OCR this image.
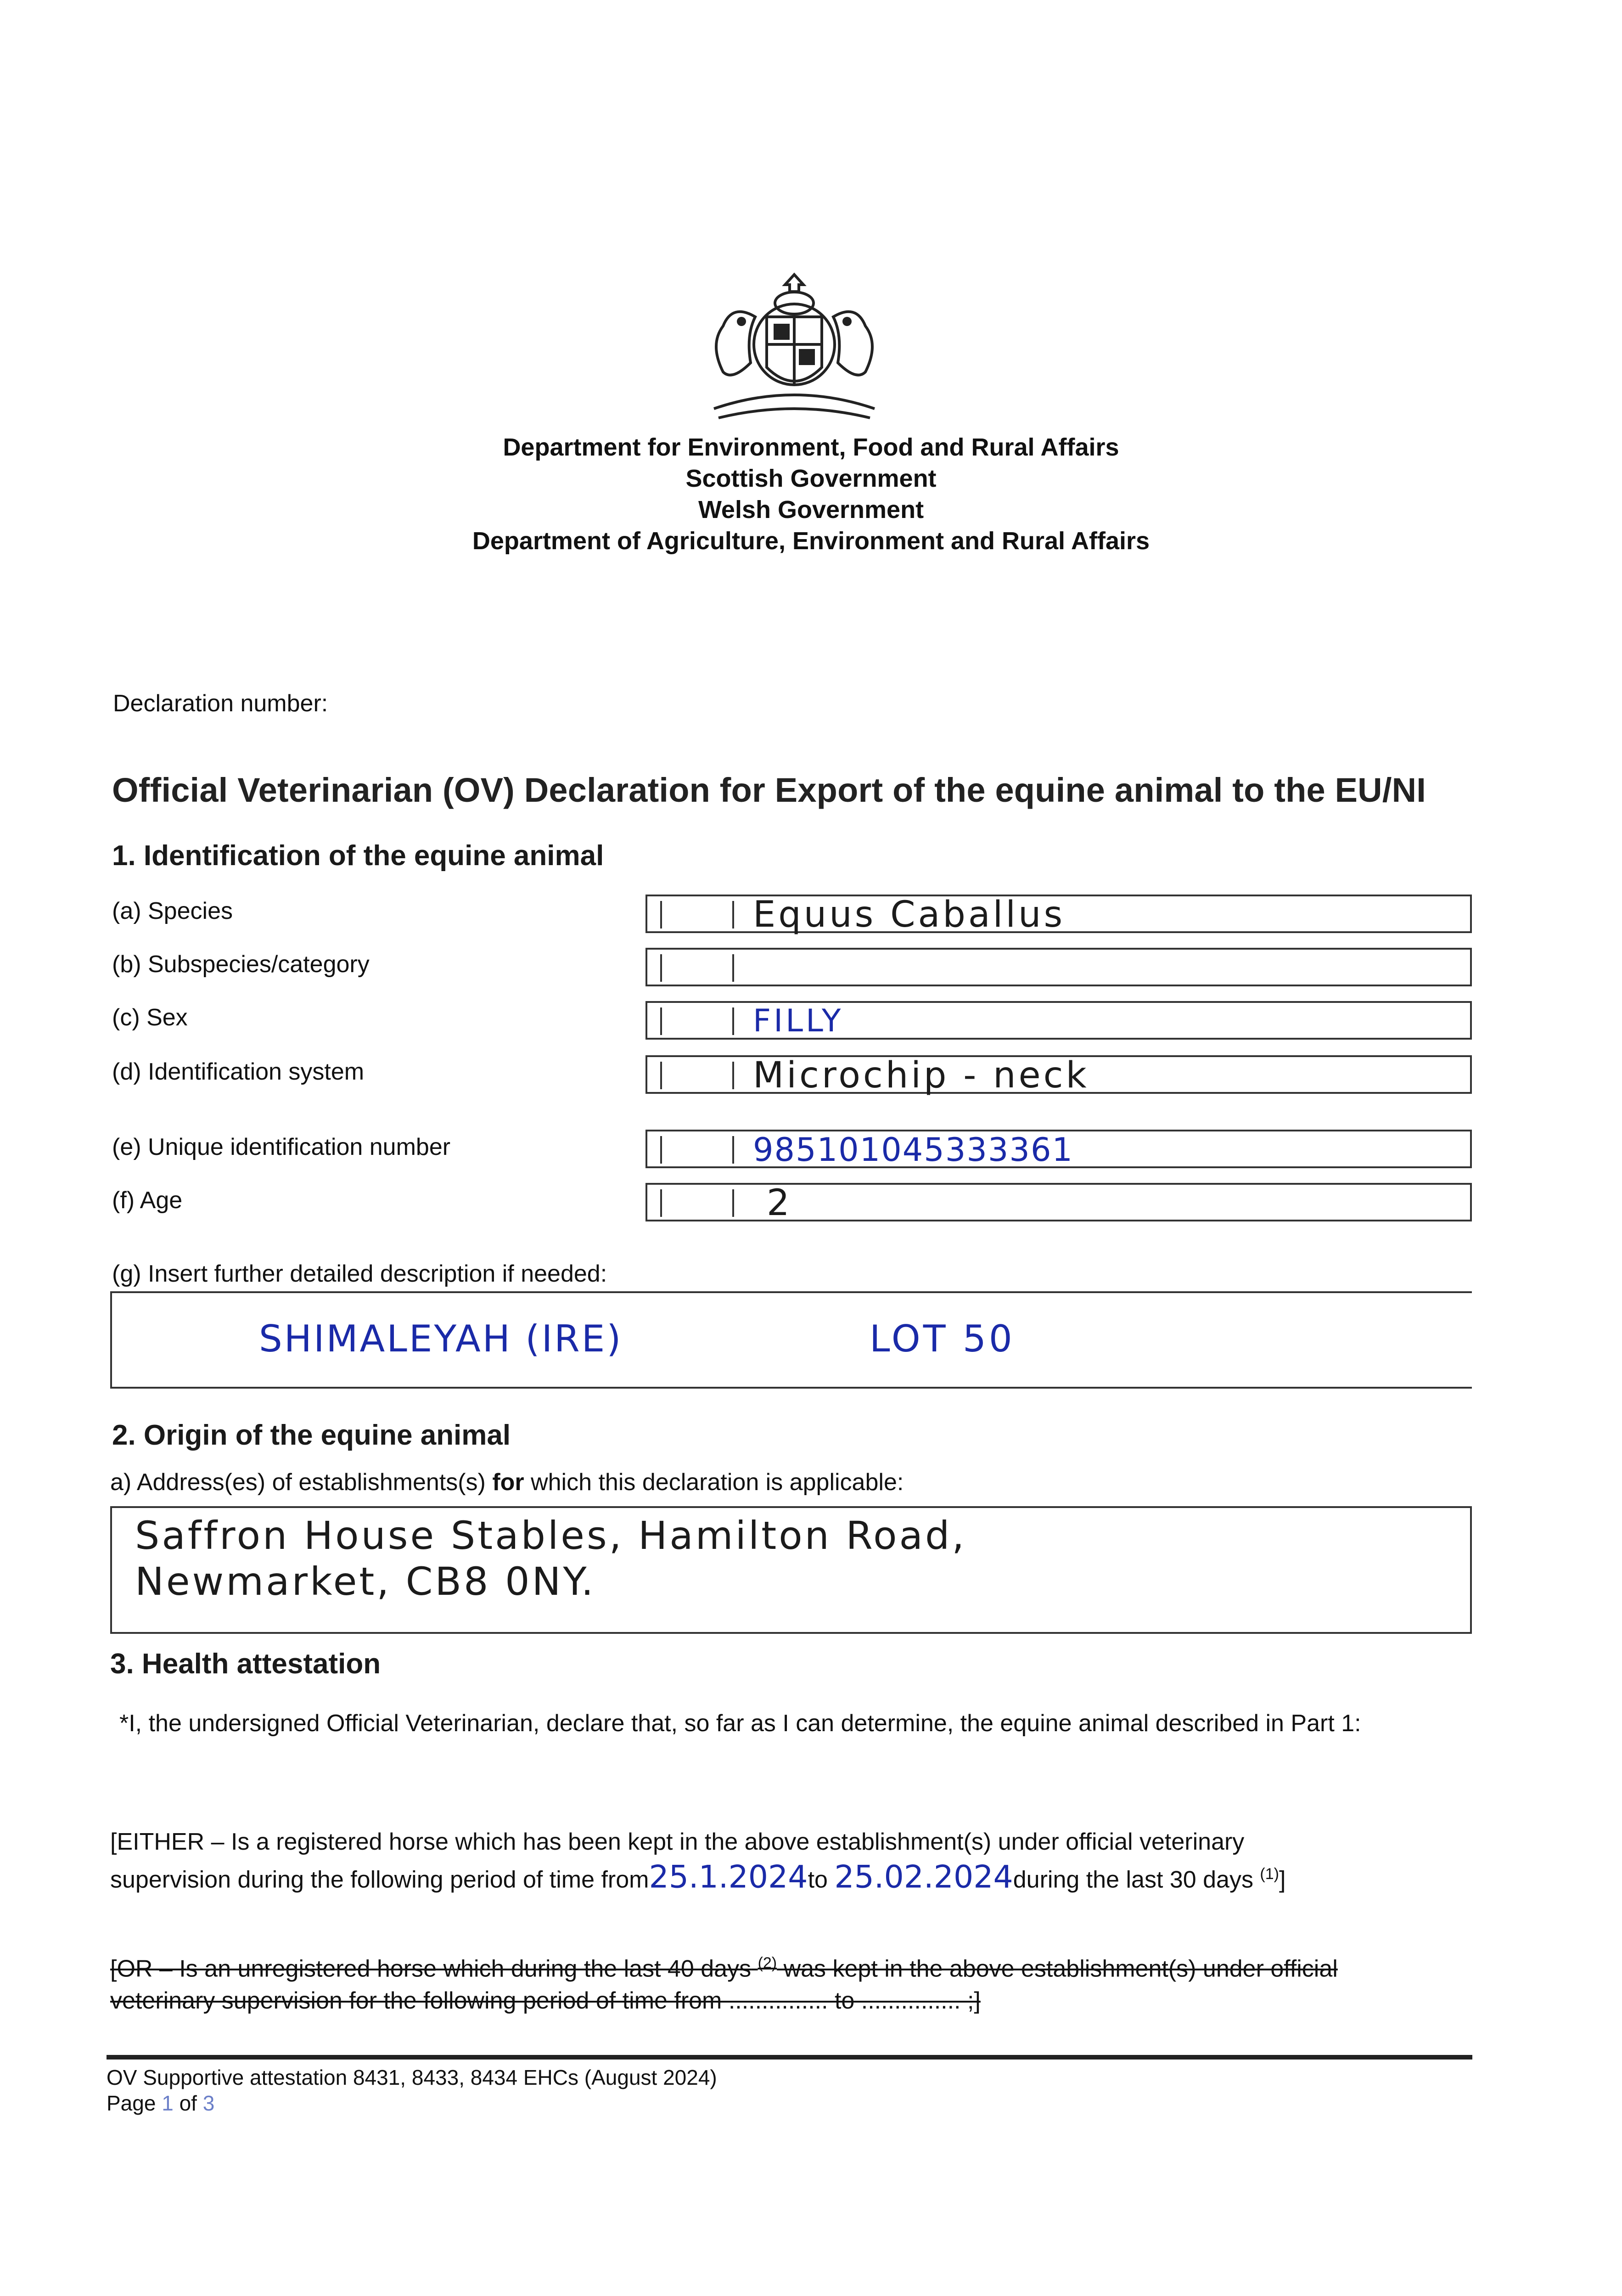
Department for Environment, Food and Rural Affairs
Scottish Government
Welsh Government
Department of Agriculture, Environment and Rural Affairs
Declaration number:
Official Veterinarian (OV) Declaration for Export of the equine animal to the EU/NI
1. Identification of the equine animal
(a) Species	Equus Caballus
(b) Subspecies/category
(c) Sex	FILLY
(d) Identification system	Microchip - neck
(e) Unique identification number	985101045333361
(f) Age	2
(g) Insert further detailed description if needed:
SHIMALEYAH (IRE)	LOT 50
2. Origin of the equine animal
a) Address(es) of establishments(s) for which this declaration is applicable:
Saffron House Stables, Hamilton Road,
Newmarket, CB8 0NY.
3. Health attestation
*I, the undersigned Official Veterinarian, declare that, so far as I can determine, the equine animal described in Part 1:
[EITHER – Is a registered horse which has been kept in the above establishment(s) under official veterinary
supervision during the following period of time from25.1.2024to 25.02.2024during the last 30 days $^{(1)}$]
[OR – Is an unregistered horse which during the last 40 days $^{(2)}$ was kept in the above establishment(s) under official
veterinary supervision for the following period of time from ............... to ............... ;]
OV Supportive attestation 8431, 8433, 8434 EHCs (August 2024)
Page 1 of 3
